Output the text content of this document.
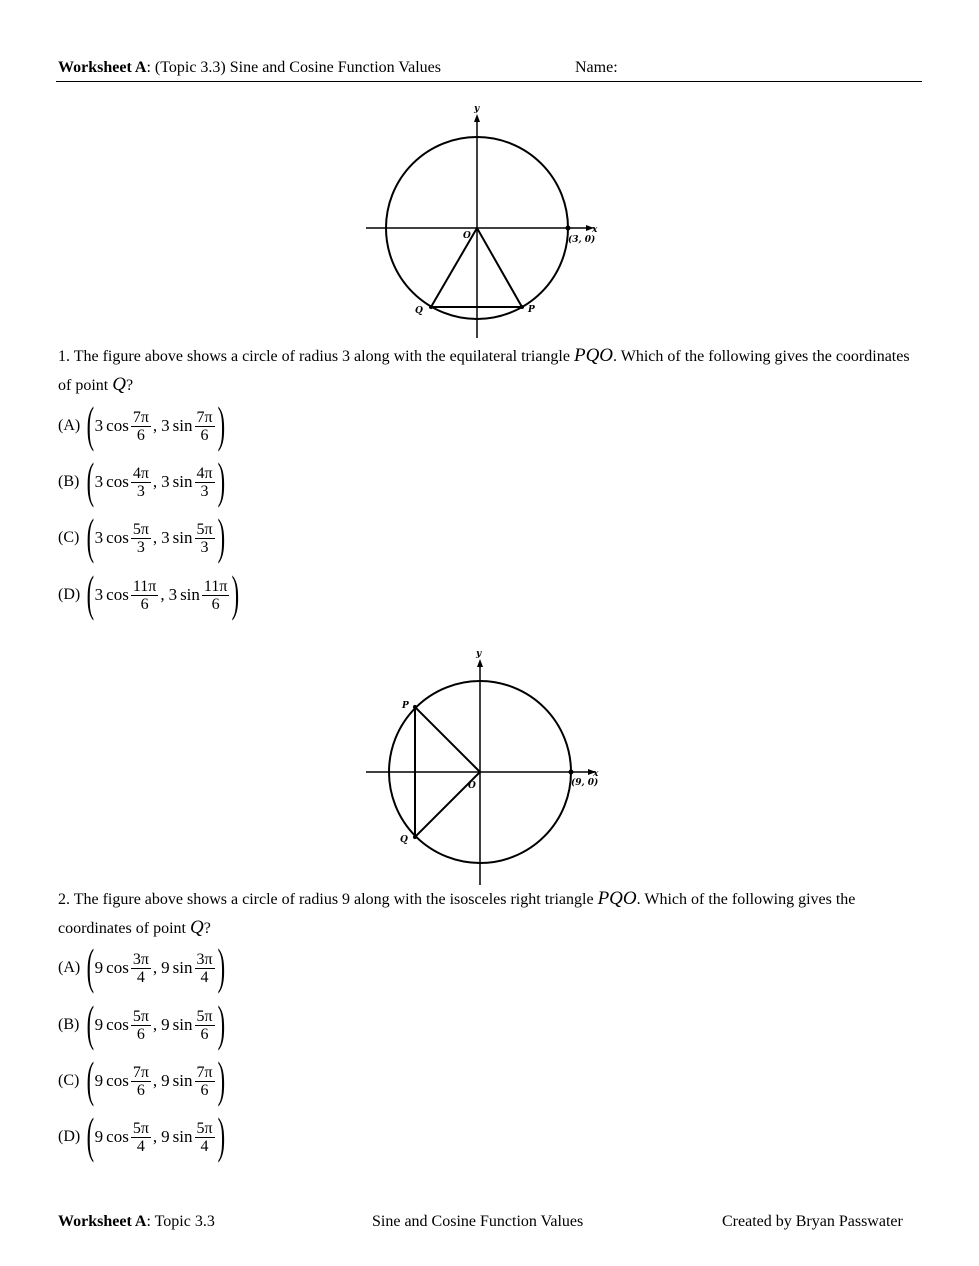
Worksheet A: (Topic 3.3) Sine and Cosine Function Values	Name:
y
x
O	(3, 0)
P
Q
1. The figure above shows a circle of radius 3 along with the equilateral triangle PQO. Which of the following gives the coordinates of point Q?
(A) ( 3 $\cos \frac{7\pi}{6}$ , 3 $\sin \frac{7\pi}{6}$ )
(B) ( 3 $\cos \frac{4\pi}{3}$ , 3 $\sin \frac{4\pi}{3}$ )
(C) ( 3 $\cos \frac{5\pi}{3}$ , 3 $\sin \frac{5\pi}{3}$ )
(D) ( 3 $\cos \frac{11\pi}{6}$ , 3 $\sin \frac{11\pi}{6}$ )
y
x
O	(9, 0)
P
Q
2. The figure above shows a circle of radius 9 along with the isosceles right triangle PQO. Which of the following gives the coordinates of point Q?
(A) ( 9 $\cos \frac{3\pi}{4}$ , 9 $\sin \frac{3\pi}{4}$ )
(B) ( 9 $\cos \frac{5\pi}{6}$ , 9 $\sin \frac{5\pi}{6}$ )
(C) ( 9 $\cos \frac{7\pi}{6}$ , 9 $\sin \frac{7\pi}{6}$ )
(D) ( 9 $\cos \frac{5\pi}{4}$ , 9 $\sin \frac{5\pi}{4}$ )
Worksheet A: Topic 3.3	Sine and Cosine Function Values	Created by Bryan Passwater
